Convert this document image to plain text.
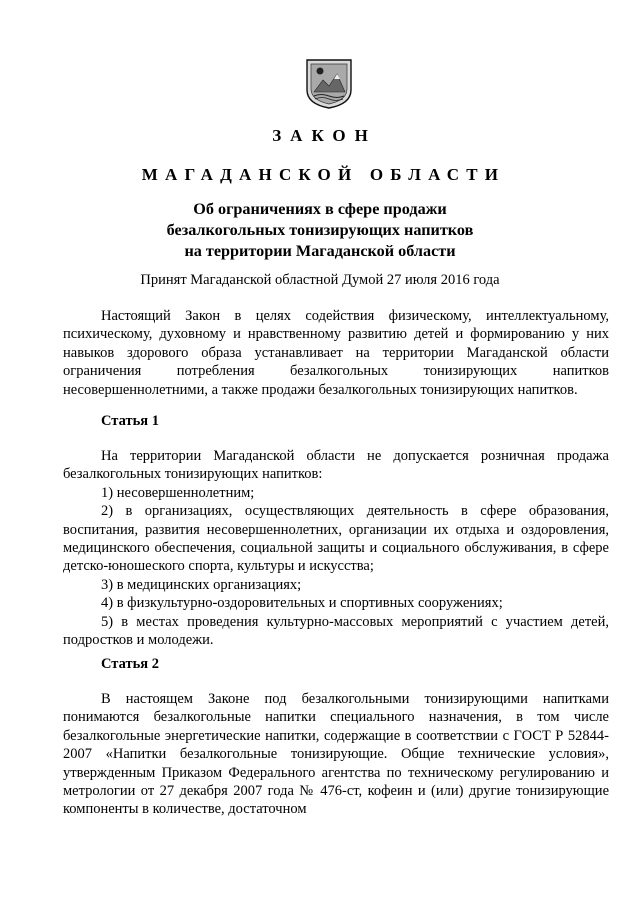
ЗАКОН
МАГАДАНСКОЙ ОБЛАСТИ
Об ограничениях в сфере продажи
безалкогольных тонизирующих напитков
на территории Магаданской области
Принят Магаданской областной Думой 27 июля 2016 года
Настоящий Закон в целях содействия физическому, интеллектуальному, психическому, духовному и нравственному развитию детей и формированию у них навыков здорового образа устанавливает на территории Магаданской области ограничения потребления безалкогольных тонизирующих напитков несовершеннолетними, а также продажи безалкогольных тонизирующих напитков.
Статья 1
На территории Магаданской области не допускается розничная продажа безалкогольных тонизирующих напитков:
1) несовершеннолетним;
2) в организациях, осуществляющих деятельность в сфере образования, воспитания, развития несовершеннолетних, организации их отдыха и оздоровления, медицинского обеспечения, социальной защиты и социального обслуживания, в сфере детско-юношеского спорта, культуры и искусства;
3) в медицинских организациях;
4) в физкультурно-оздоровительных и спортивных сооружениях;
5) в местах проведения культурно-массовых мероприятий с участием детей, подростков и молодежи.
Статья 2
В настоящем Законе под безалкогольными тонизирующими напитками понимаются безалкогольные напитки специального назначения, в том числе безалкогольные энергетические напитки, содержащие в соответствии с ГОСТ Р 52844-2007 «Напитки безалкогольные тонизирующие. Общие технические условия», утвержденным Приказом Федерального агентства по техническому регулированию и метрологии от 27 декабря 2007 года № 476-ст, кофеин и (или) другие тонизирующие компоненты в количестве, достаточном
